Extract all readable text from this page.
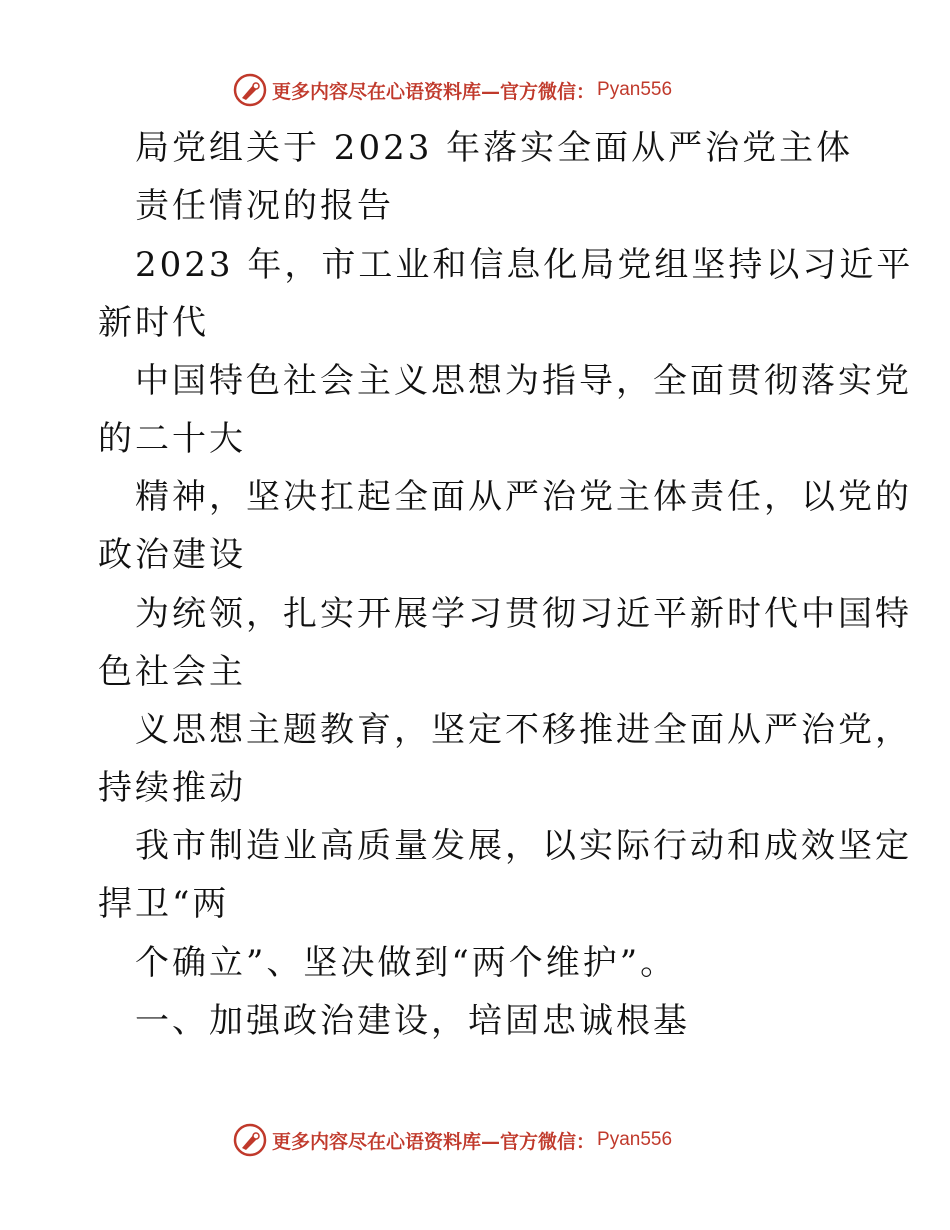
更多内容尽在心语资料库—官方微信： Pyan556
局党组关于 2023 年落实全面从严治党主体
责任情况的报告
2023 年，市工业和信息化局党组坚持以习近平
新时代
中国特色社会主义思想为指导，全面贯彻落实党
的二十大
精神，坚决扛起全面从严治党主体责任，以党的
政治建设
为统领，扎实开展学习贯彻习近平新时代中国特
色社会主
义思想主题教育，坚定不移推进全面从严治党，
持续推动
我市制造业高质量发展，以实际行动和成效坚定
捍卫“两
个确立”、坚决做到“两个维护”。
一、加强政治建设，培固忠诚根基
更多内容尽在心语资料库—官方微信： Pyan556
